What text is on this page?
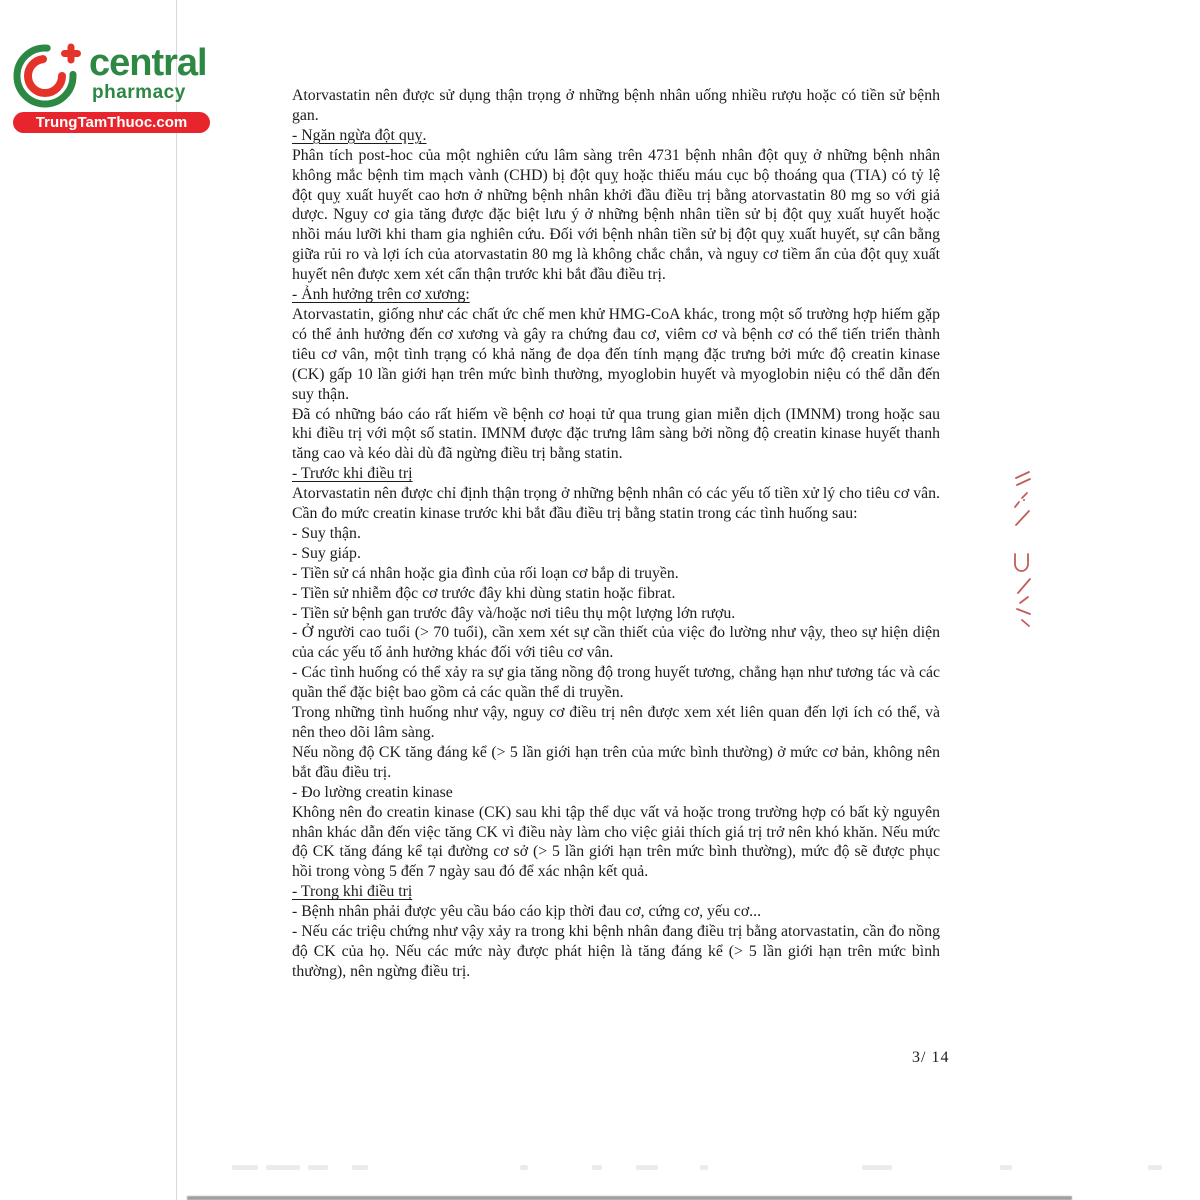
central
pharmacy
TrungTamThuoc.com

Atorvastatin nên được sử dụng thận trọng ở những bệnh nhân uống nhiều rượu hoặc có tiền sử bệnh gan.

- Ngăn ngừa đột quỵ.

Phân tích post-hoc của một nghiên cứu lâm sàng trên 4731 bệnh nhân đột quỵ ở những bệnh nhân không mắc bệnh tim mạch vành (CHD) bị đột quỵ hoặc thiếu máu cục bộ thoáng qua (TIA) có tỷ lệ đột quỵ xuất huyết cao hơn ở những bệnh nhân khởi đầu điều trị bằng atorvastatin 80 mg so với giả dược. Nguy cơ gia tăng được đặc biệt lưu ý ở những bệnh nhân tiền sử bị đột quỵ xuất huyết hoặc nhồi máu lưỡi khi tham gia nghiên cứu. Đối với bệnh nhân tiền sử bị đột quỵ xuất huyết, sự cân bằng giữa rủi ro và lợi ích của atorvastatin 80 mg là không chắc chắn, và nguy cơ tiềm ẩn của đột quỵ xuất huyết nên được xem xét cẩn thận trước khi bắt đầu điều trị.

- Ảnh hưởng trên cơ xương:

Atorvastatin, giống như các chất ức chế men khử HMG-CoA khác, trong một số trường hợp hiếm gặp có thể ảnh hưởng đến cơ xương và gây ra chứng đau cơ, viêm cơ và bệnh cơ có thể tiến triển thành tiêu cơ vân, một tình trạng có khả năng đe dọa đến tính mạng đặc trưng bởi mức độ creatin kinase (CK) gấp 10 lần giới hạn trên mức bình thường, myoglobin huyết và myoglobin niệu có thể dẫn đến suy thận.

Đã có những báo cáo rất hiếm về bệnh cơ hoại tử qua trung gian miễn dịch (IMNM) trong hoặc sau khi điều trị với một số statin. IMNM được đặc trưng lâm sàng bởi nồng độ creatin kinase huyết thanh tăng cao và kéo dài dù đã ngừng điều trị bằng statin.

- Trước khi điều trị

Atorvastatin nên được chỉ định thận trọng ở những bệnh nhân có các yếu tố tiền xử lý cho tiêu cơ vân. Cần đo mức creatin kinase trước khi bắt đầu điều trị bằng statin trong các tình huống sau:

- Suy thận.

- Suy giáp.

- Tiền sử cá nhân hoặc gia đình của rối loạn cơ bắp di truyền.

- Tiền sử nhiễm độc cơ trước đây khi dùng statin hoặc fibrat.

- Tiền sử bệnh gan trước đây và/hoặc nơi tiêu thụ một lượng lớn rượu.

- Ở người cao tuổi (> 70 tuổi), cần xem xét sự cần thiết của việc đo lường như vậy, theo sự hiện diện của các yếu tố ảnh hưởng khác đối với tiêu cơ vân.

- Các tình huống có thể xảy ra sự gia tăng nồng độ trong huyết tương, chẳng hạn như tương tác và các quần thể đặc biệt bao gồm cả các quần thể di truyền.

Trong những tình huống như vậy, nguy cơ điều trị nên được xem xét liên quan đến lợi ích có thể, và nên theo dõi lâm sàng.

Nếu nồng độ CK tăng đáng kể (> 5 lần giới hạn trên của mức bình thường) ở mức cơ bản, không nên bắt đầu điều trị.

- Đo lường creatin kinase

Không nên đo creatin kinase (CK) sau khi tập thể dục vất vả hoặc trong trường hợp có bất kỳ nguyên nhân khác dẫn đến việc tăng CK vì điều này làm cho việc giải thích giá trị trở nên khó khăn. Nếu mức độ CK tăng đáng kể tại đường cơ sở (> 5 lần giới hạn trên mức bình thường), mức độ sẽ được phục hồi trong vòng 5 đến 7 ngày sau đó để xác nhận kết quả.

- Trong khi điều trị

- Bệnh nhân phải được yêu cầu báo cáo kịp thời đau cơ, cứng cơ, yếu cơ...

- Nếu các triệu chứng như vậy xảy ra trong khi bệnh nhân đang điều trị bằng atorvastatin, cần đo nồng độ CK của họ. Nếu các mức này được phát hiện là tăng đáng kể (> 5 lần giới hạn trên mức bình thường), nên ngừng điều trị.

3/ 14
